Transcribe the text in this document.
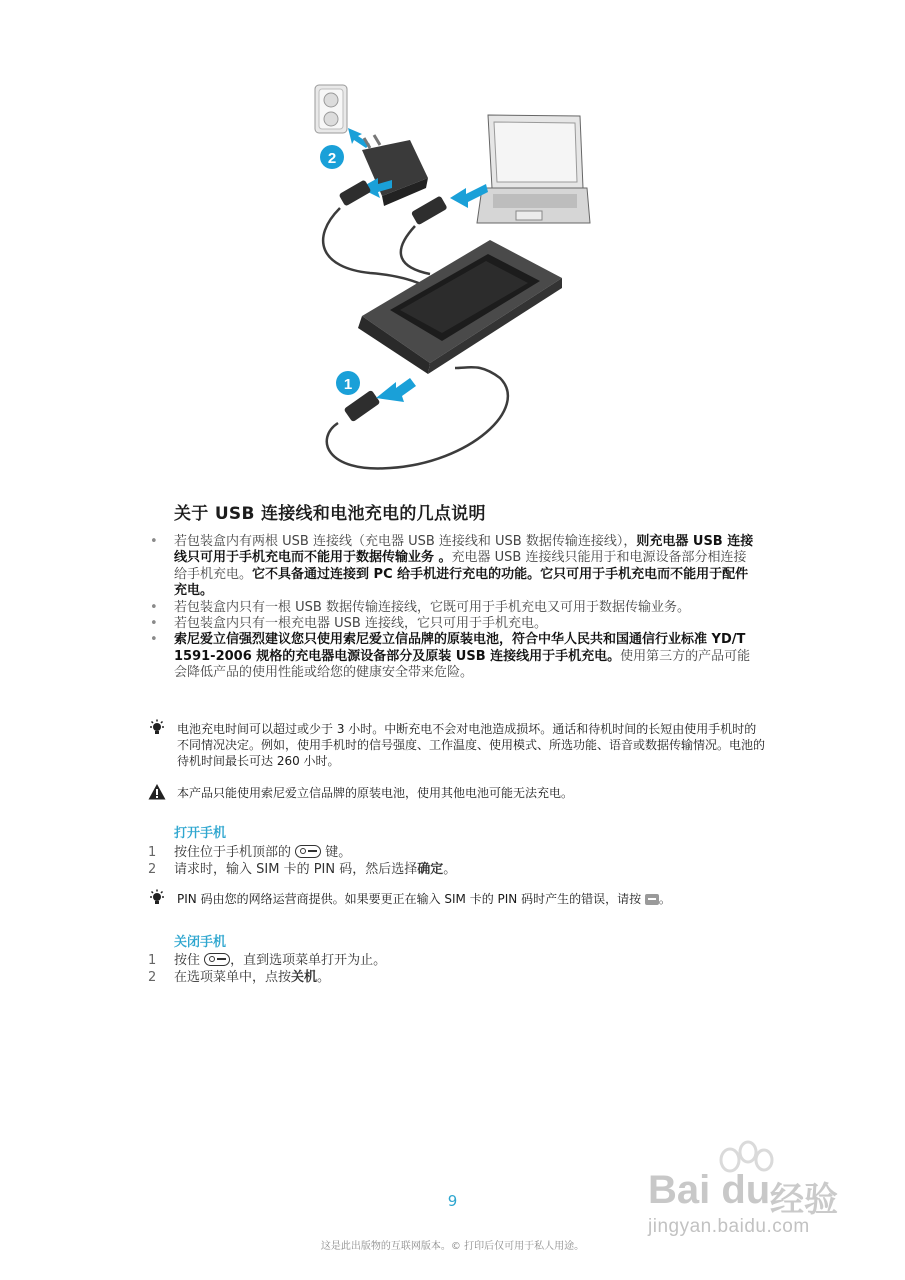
2
1
关于 USB 连接线和电池充电的几点说明
• 若包装盒内有两根 USB 连接线（充电器 USB 连接线和 USB 数据传输连接线），则充电器 USB 连接线只可用于手机充电而不能用于数据传输业务 。充电器 USB 连接线只能用于和电源设备部分相连接给手机充电。它不具备通过连接到 PC 给手机进行充电的功能。它只可用于手机充电而不能用于配件充电。
• 若包装盒内只有一根 USB 数据传输连接线，它既可用于手机充电又可用于数据传输业务。
• 若包装盒内只有一根充电器 USB 连接线，它只可用于手机充电。
• 索尼爱立信强烈建议您只使用索尼爱立信品牌的原装电池，符合中华人民共和国通信行业标准 YD/T 1591-2006 规格的充电器电源设备部分及原装 USB 连接线用于手机充电。使用第三方的产品可能会降低产品的使用性能或给您的健康安全带来危险。
电池充电时间可以超过或少于 3 小时。中断充电不会对电池造成损坏。通话和待机时间的长短由使用手机时的不同情况决定。例如，使用手机时的信号强度、工作温度、使用模式、所选功能、语音或数据传输情况。电池的待机时间最长可达 260 小时。
本产品只能使用索尼爱立信品牌的原装电池，使用其他电池可能无法充电。
打开手机
1 按住位于手机顶部的	键。
2 请求时，输入 SIM 卡的 PIN 码，然后选择确定。
PIN 码由您的网络运营商提供。如果要更正在输入 SIM 卡的 PIN 码时产生的错误，请按 。
关闭手机
1 按住 ，直到选项菜单打开为止。
2 在选项菜单中，点按关机。
Bai du 经验
jingyan.baidu.com
9
这是此出版物的互联网版本。© 打印后仅可用于私人用途。
